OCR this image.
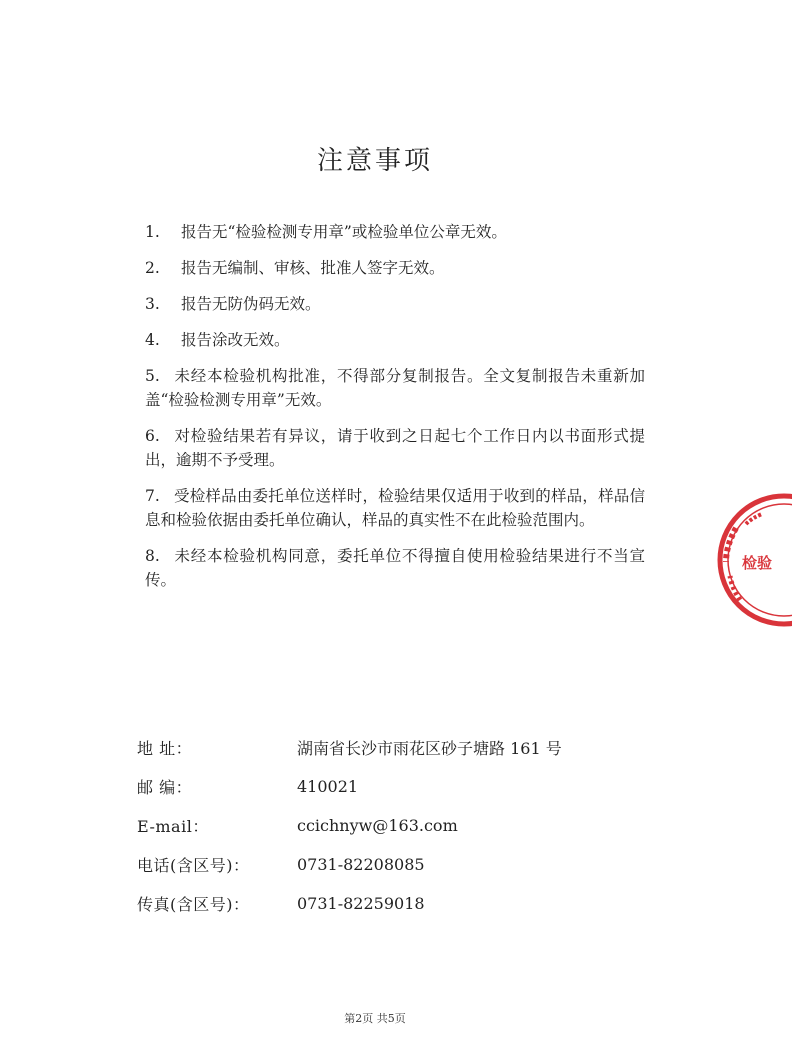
注意事项
1. 报告无“检验检测专用章”或检验单位公章无效。
2. 报告无编制、审核、批准人签字无效。
3. 报告无防伪码无效。
4. 报告涂改无效。
5. 未经本检验机构批准，不得部分复制报告。全文复制报告未重新加盖“检验检测专用章”无效。
6. 对检验结果若有异议，请于收到之日起七个工作日内以书面形式提出，逾期不予受理。
7. 受检样品由委托单位送样时，检验结果仅适用于收到的样品，样品信息和检验依据由委托单位确认，样品的真实性不在此检验范围内。
8. 未经本检验机构同意，委托单位不得擅自使用检验结果进行不当宣传。
地 址：	湖南省长沙市雨花区砂子塘路 161 号
邮 编：	410021
E-mail：	ccichnyw@163.com
电话(含区号)：	0731-82208085
传真(含区号)：	0731-82259018
第2页 共5页
检验
